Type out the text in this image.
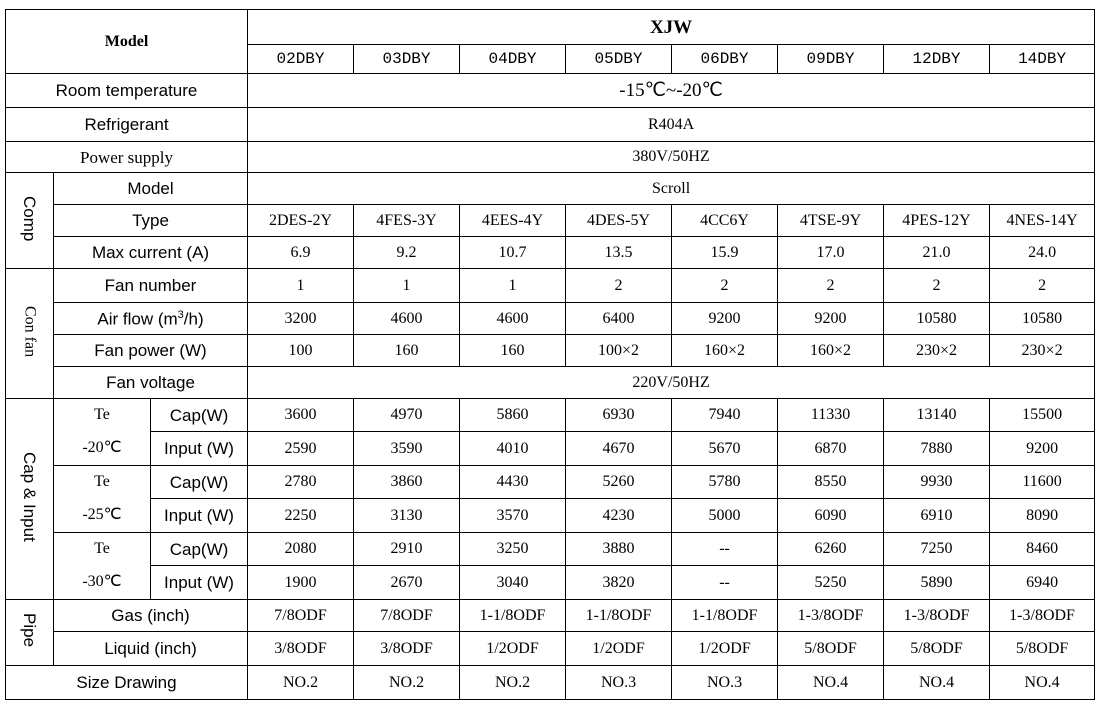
Model			XJW							
			02DBY	03DBY	04DBY	05DBY	06DBY	09DBY	12DBY	14DBY
Room temperature			-15℃~-20℃							
Refrigerant			R404A							
Power supply			380V/50HZ							
Comp	Model		Scroll							
	Type		2DES-2Y	4FES-3Y	4EES-4Y	4DES-5Y	4CC6Y	4TSE-9Y	4PES-12Y	4NES-14Y
	Max current (A)		6.9	9.2	10.7	13.5	15.9	17.0	21.0	24.0
Con fan	Fan number		1	1	1	2	2	2	2	2
	Air flow $(m^3/h)$		3200	4600	4600	6400	9200	9200	10580	10580
	Fan power (W)		100	160	160	100×2	160×2	160×2	230×2	230×2
	Fan voltage		220V/50HZ							
Cap & Input	Te	Cap(W)	3600	4970	5860	6930	7940	11330	13140	15500
	-20℃	Input (W)	2590	3590	4010	4670	5670	6870	7880	9200
	Te	Cap(W)	2780	3860	4430	5260	5780	8550	9930	11600
	-25℃	Input (W)	2250	3130	3570	4230	5000	6090	6910	8090
	Te	Cap(W)	2080	2910	3250	3880	--	6260	7250	8460
	-30℃	Input (W)	1900	2670	3040	3820	--	5250	5890	6940
Pipe	Gas (inch)		7/8ODF	7/8ODF	1-1/8ODF	1-1/8ODF	1-1/8ODF	1-3/8ODF	1-3/8ODF	1-3/8ODF
	Liquid (inch)		3/8ODF	3/8ODF	1/2ODF	1/2ODF	1/2ODF	5/8ODF	5/8ODF	5/8ODF
Size Drawing			NO.2	NO.2	NO.2	NO.3	NO.3	NO.4	NO.4	NO.4
